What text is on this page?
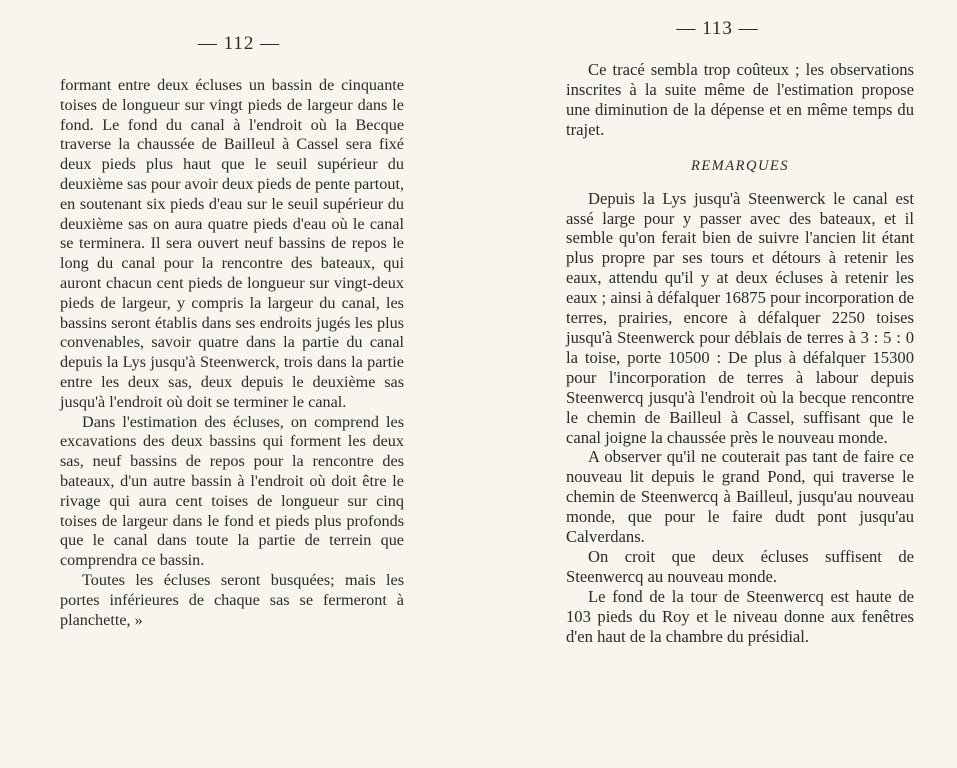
— 112 —

formant entre deux écluses un bassin de cinquante toises de longueur sur vingt pieds de largeur dans le fond. Le fond du canal à l'endroit où la Becque traverse la chaussée de Bailleul à Cassel sera fixé deux pieds plus haut que le seuil supérieur du deuxième sas pour avoir deux pieds de pente partout, en soutenant six pieds d'eau sur le seuil supérieur du deuxième sas on aura quatre pieds d'eau où le canal se terminera. Il sera ouvert neuf bassins de repos le long du canal pour la rencontre des bateaux, qui auront chacun cent pieds de longueur sur vingt-deux pieds de largeur, y compris la largeur du canal, les bassins seront établis dans ses endroits jugés les plus convenables, savoir quatre dans la partie du canal depuis la Lys jusqu'à Steenwerck, trois dans la partie entre les deux sas, deux depuis le deuxième sas jusqu'à l'endroit où doit se terminer le canal.

Dans l'estimation des écluses, on comprend les excavations des deux bassins qui forment les deux sas, neuf bassins de repos pour la rencontre des bateaux, d'un autre bassin à l'endroit où doit être le rivage qui aura cent toises de longueur sur cinq toises de largeur dans le fond et pieds plus profonds que le canal dans toute la partie de terrein que comprendra ce bassin.

Toutes les écluses seront busquées; mais les portes inférieures de chaque sas se fermeront à planchette, »

— 113 —

Ce tracé sembla trop coûteux ; les observations inscrites à la suite même de l'estimation propose une diminution de la dépense et en même temps du trajet.

REMARQUES

Depuis la Lys jusqu'à Steenwerck le canal est assé large pour y passer avec des bateaux, et il semble qu'on ferait bien de suivre l'ancien lit étant plus propre par ses tours et détours à retenir les eaux, attendu qu'il y at deux écluses à retenir les eaux ; ainsi à défalquer 16875 pour incorporation de terres, prairies, encore à défalquer 2250 toises jusqu'à Steenwerck pour déblais de terres à 3 : 5 : 0 la toise, porte 10500 : De plus à défalquer 15300 pour l'incorporation de terres à labour depuis Steenwercq jusqu'à l'endroit où la becque rencontre le chemin de Bailleul à Cassel, suffisant que le canal joigne la chaussée près le nouveau monde.

A observer qu'il ne couterait pas tant de faire ce nouveau lit depuis le grand Pond, qui traverse le chemin de Steenwercq à Bailleul, jusqu'au nouveau monde, que pour le faire dudt pont jusqu'au Calverdans.

On croit que deux écluses suffisent de Steenwercq au nouveau monde.

Le fond de la tour de Steenwercq est haute de 103 pieds du Roy et le niveau donne aux fenêtres d'en haut de la chambre du présidial.
